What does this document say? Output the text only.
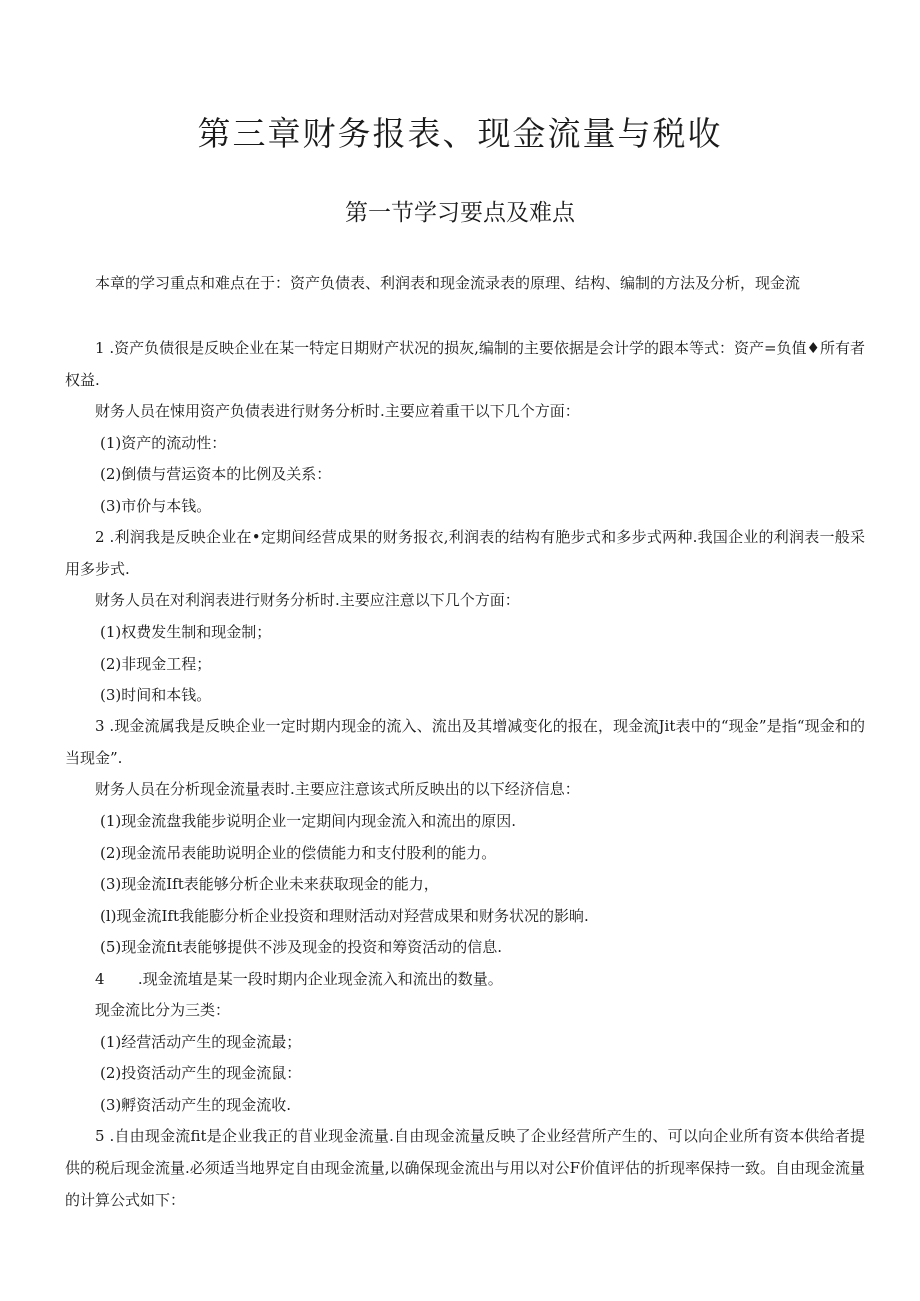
第三章财务报表、现金流量与税收
第一节学习要点及难点

本章的学习重点和难点在于：资产负债表、利润表和现金流录表的原理、结构、编制的方法及分析，现金流

1 .资产负债很是反映企业在某一特定日期财产状况的损灰,编制的主要依据是会计学的跟本等式：资产=负值♦所有者权益.

财务人员在悚用资产负债表进行财务分析时.主要应着重干以下几个方面：

(1)资产的流动性：

(2)倒债与营运资本的比例及关系：

(3)市价与本钱。

2 .利润我是反映企业在•定期间经营成果的财务报衣,利润表的结构有脃步式和多步式两种.我国企业的利润表一般采用多步式.

财务人员在对利润表进行财务分析时.主要应注意以下几个方面：

(1)权费发生制和现金制；

(2)非现金工程；

(3)时间和本钱。

3 .现金流属我是反映企业一定时期内现金的流入、流出及其增减变化的报在，现金流Jit表中的“现金”是指“现金和的当现金”.

财务人员在分析现金流量表时.主要应注意该式所反映出的以下经济信息：

(1)现金流盘我能步说明企业一定期间内现金流入和流出的原因.

(2)现金流吊表能助说明企业的偿债能力和支付股利的能力。

(3)现金流Ift表能够分析企业未来获取现金的能力，

(l)现金流Ift我能膨分析企业投资和理财活动对羟营成果和财务状况的影晌.

(5)现金流fit表能够提供不涉及现金的投资和筹资活动的信息.

4       .现金流埴是某一段时期内企业现金流入和流出的数量。

现金流比分为三类：

(1)经营活动产生的现金流最；

(2)投资活动产生的现金流鼠：

(3)孵资活动产生的现金流收.

5 .自由现金流fit是企业我正的苜业现金流量.自由现金流量反映了企业经营所产生的、可以向企业所有资本供给者提供的税后现金流量.必须适当地界定自由现金流量,以确保现金流出与用以对公F价值评估的折现率保持一致。自由现金流量的计算公式如下：
